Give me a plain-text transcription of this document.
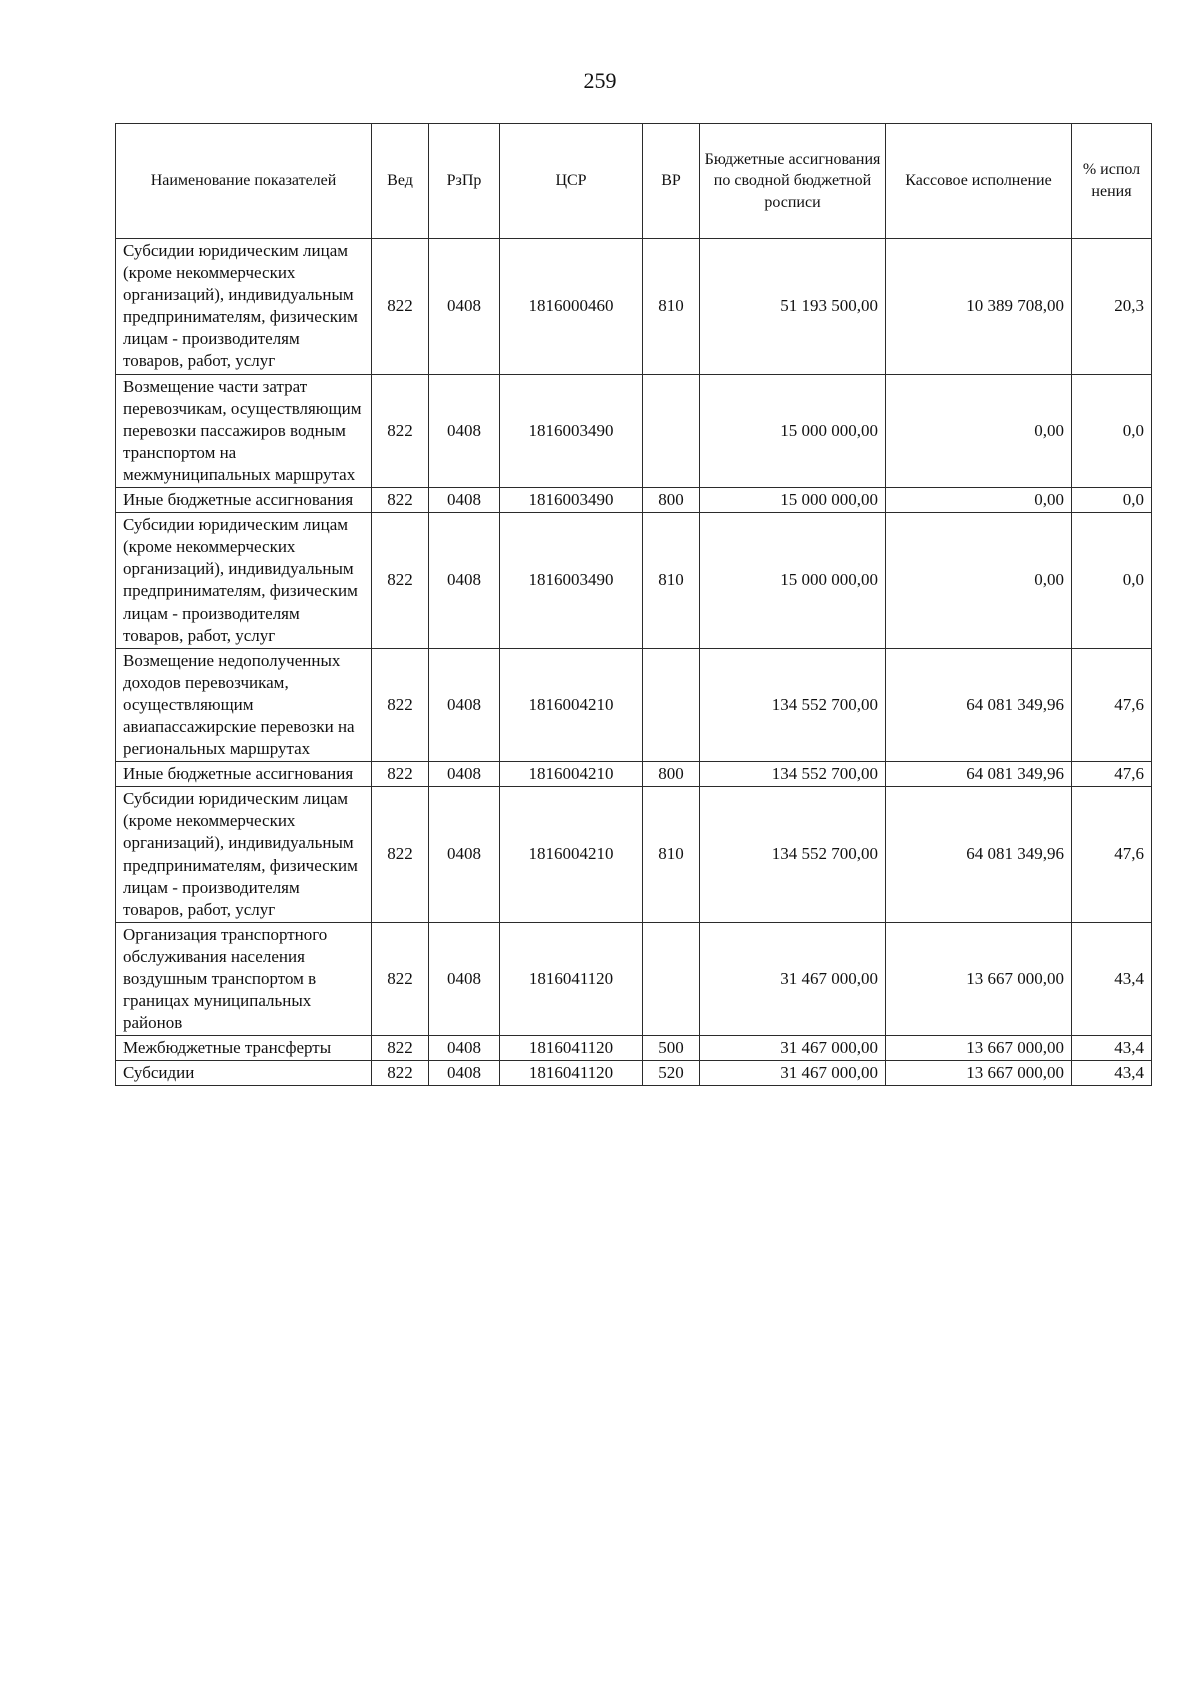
259
Наименование показателей	Вед	РзПр	ЦСР	ВР	Бюджетные ассигнования по сводной бюджетной росписи	Кассовое исполнение	% испол нения
Субсидии юридическим лицам (кроме некоммерческих организаций), индивидуальным предпринимателям, физическим лицам - производителям товаров, работ, услуг	822	0408	1816000460	810	51 193 500,00	10 389 708,00	20,3
Возмещение части затрат перевозчикам, осуществляющим перевозки пассажиров водным транспортом на межмуниципальных маршрутах	822	0408	1816003490		15 000 000,00	0,00	0,0
Иные бюджетные ассигнования	822	0408	1816003490	800	15 000 000,00	0,00	0,0
Субсидии юридическим лицам (кроме некоммерческих организаций), индивидуальным предпринимателям, физическим лицам - производителям товаров, работ, услуг	822	0408	1816003490	810	15 000 000,00	0,00	0,0
Возмещение недополученных доходов перевозчикам, осуществляющим авиапассажирские перевозки на региональных маршрутах	822	0408	1816004210		134 552 700,00	64 081 349,96	47,6
Иные бюджетные ассигнования	822	0408	1816004210	800	134 552 700,00	64 081 349,96	47,6
Субсидии юридическим лицам (кроме некоммерческих организаций), индивидуальным предпринимателям, физическим лицам - производителям товаров, работ, услуг	822	0408	1816004210	810	134 552 700,00	64 081 349,96	47,6
Организация транспортного обслуживания населения воздушным транспортом в границах муниципальных районов	822	0408	1816041120		31 467 000,00	13 667 000,00	43,4
Межбюджетные трансферты	822	0408	1816041120	500	31 467 000,00	13 667 000,00	43,4
Субсидии	822	0408	1816041120	520	31 467 000,00	13 667 000,00	43,4
